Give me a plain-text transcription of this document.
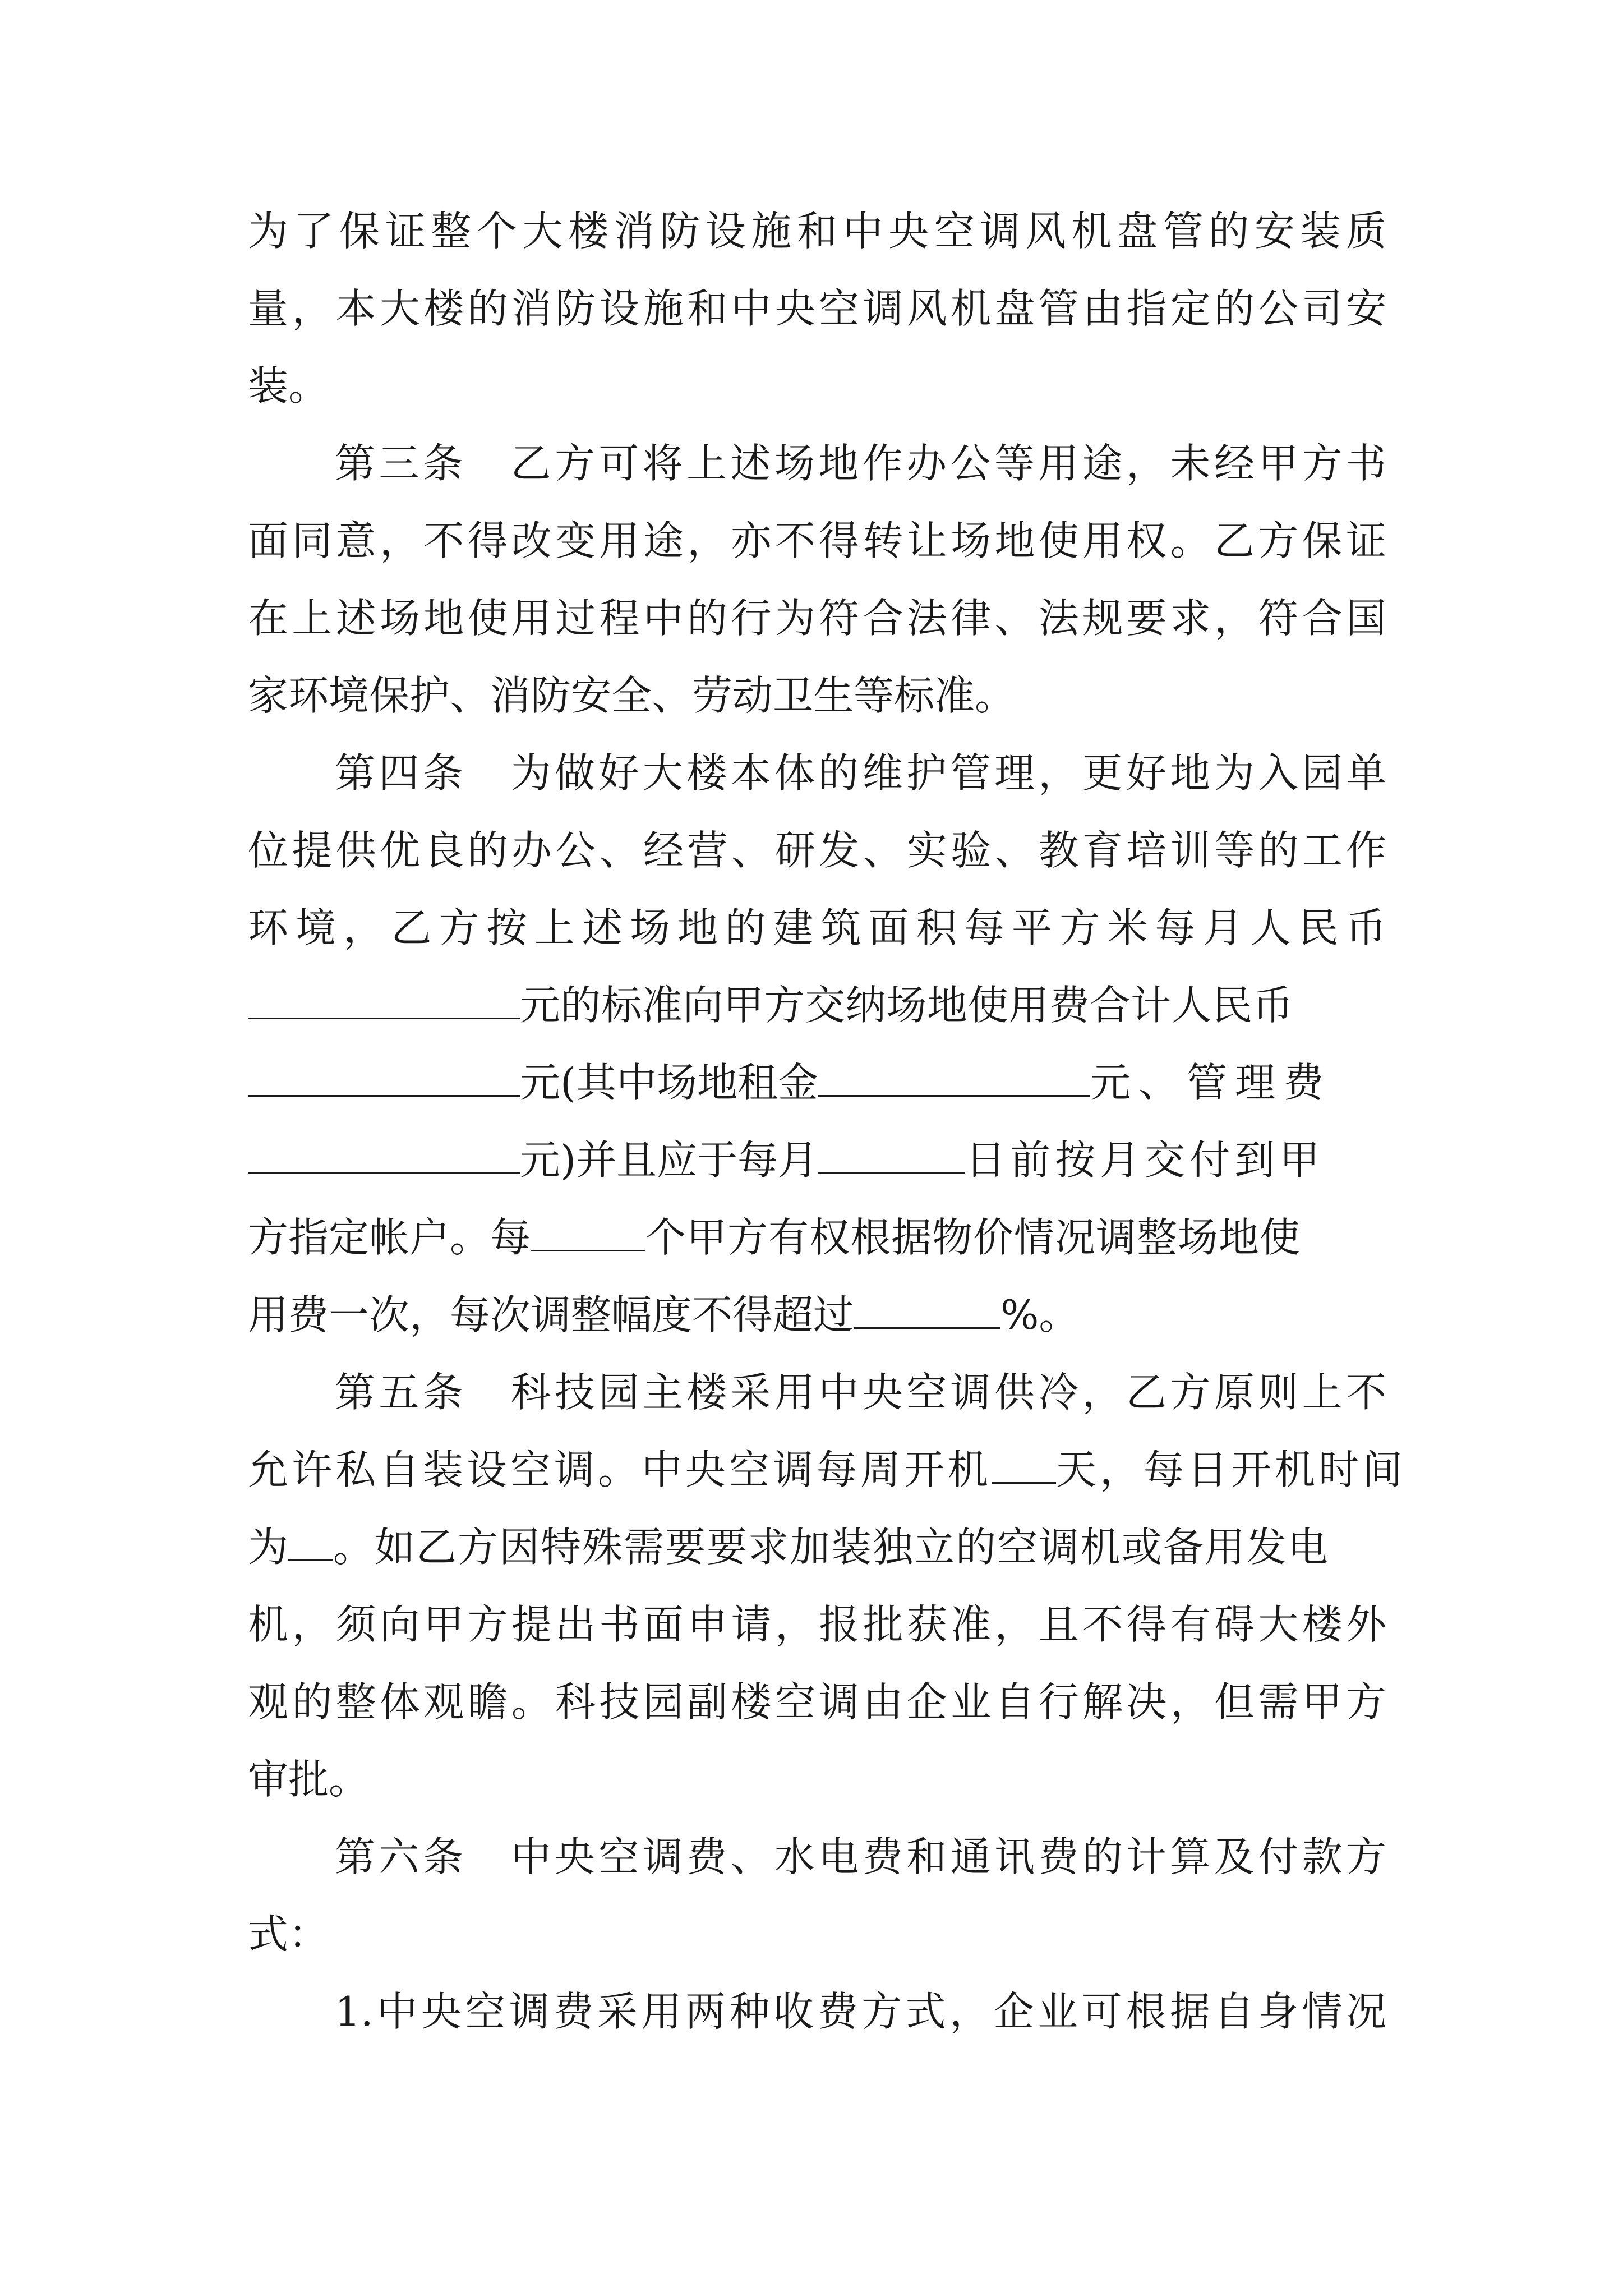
为了保证整个大楼消防设施和中央空调风机盘管的安装质
量，本大楼的消防设施和中央空调风机盘管由指定的公司安
装。
第三条　乙方可将上述场地作办公等用途，未经甲方书
面同意，不得改变用途，亦不得转让场地使用权。乙方保证
在上述场地使用过程中的行为符合法律、法规要求，符合国
家环境保护、消防安全、劳动卫生等标准。
第四条　为做好大楼本体的维护管理，更好地为入园单
位提供优良的办公、经营、研发、实验、教育培训等的工作
环境，乙方按上述场地的建筑面积每平方米每月人民币
元的标准向甲方交纳场地使用费合计人民币
元(其中场地租金	元、管理费
元)并且应于每月	日前按月交付到甲
方指定帐户。每	个甲方有权根据物价情况调整场地使
用费一次，每次调整幅度不得超过	%。
第五条　科技园主楼采用中央空调供冷，乙方原则上不
允许私自装设空调。中央空调每周开机 天，每日开机时间
为 。如乙方因特殊需要要求加装独立的空调机或备用发电
机，须向甲方提出书面申请，报批获准，且不得有碍大楼外
观的整体观瞻。科技园副楼空调由企业自行解决，但需甲方
审批。
第六条　中央空调费、水电费和通讯费的计算及付款方
式：
1.中央空调费采用两种收费方式，企业可根据自身情况
